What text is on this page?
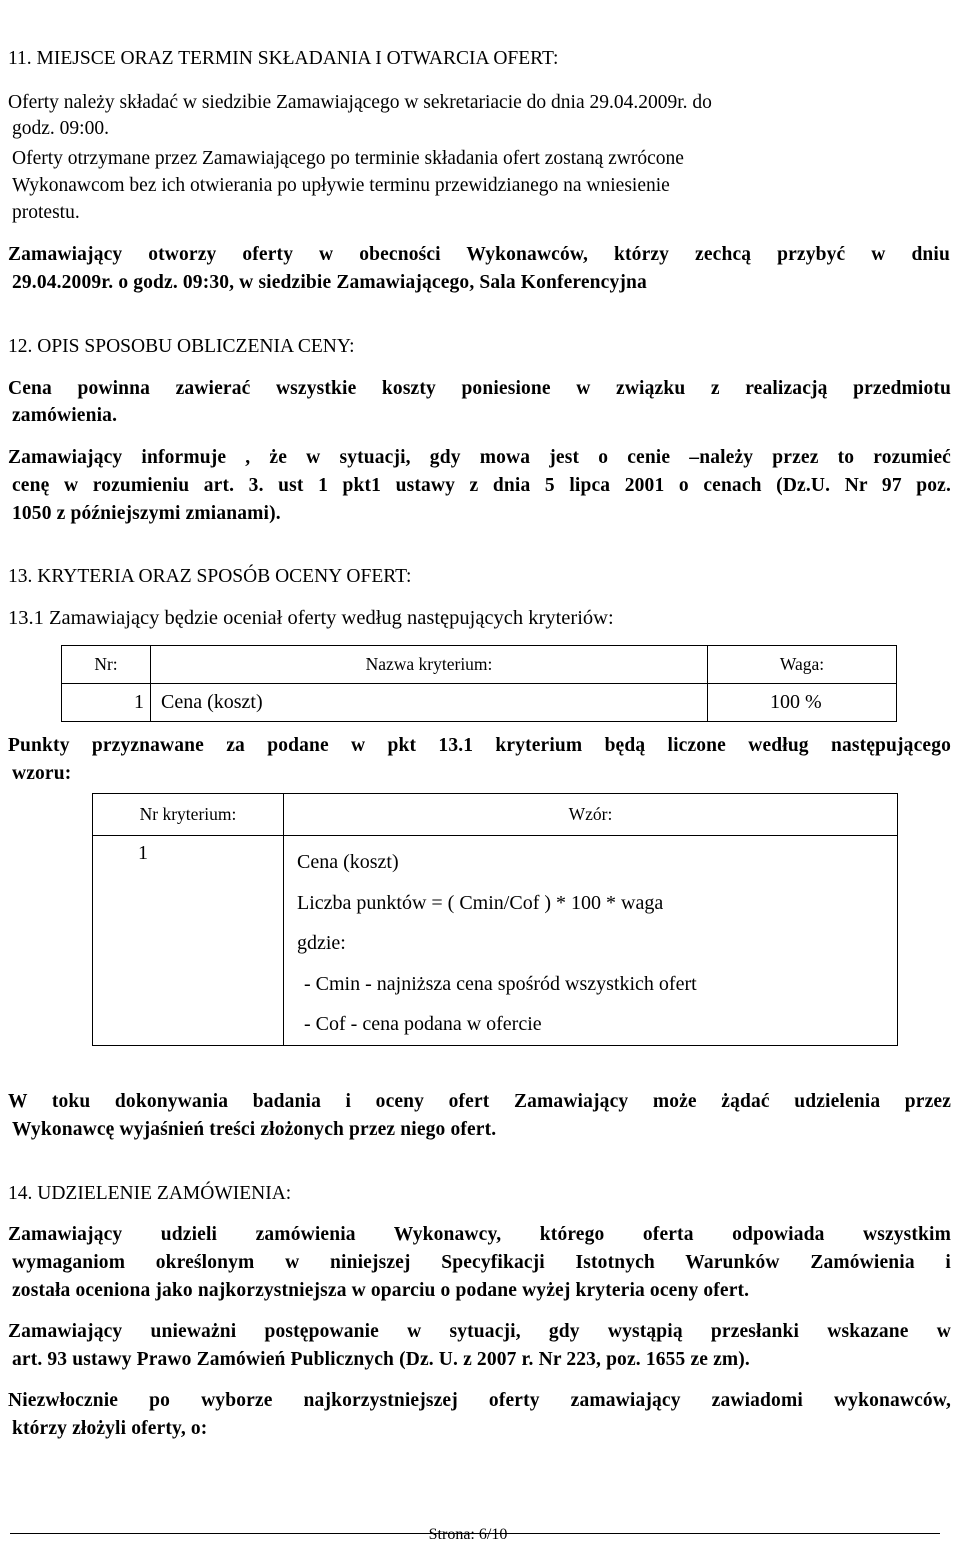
11. MIEJSCE ORAZ TERMIN SKŁADANIA I OTWARCIA OFERT:
Oferty należy składać w siedzibie Zamawiającego w sekretariacie do dnia 29.04.2009r. do
godz. 09:00.
Oferty otrzymane przez Zamawiającego po terminie składania ofert zostaną zwrócone
Wykonawcom bez ich otwierania po upływie terminu przewidzianego na wniesienie
protestu.
Zamawiający otworzy oferty w obecności Wykonawców, którzy zechcą przybyć w dniu
29.04.2009r. o godz. 09:30, w siedzibie Zamawiającego, Sala Konferencyjna
12. OPIS SPOSOBU OBLICZENIA CENY:
Cena powinna zawierać wszystkie koszty poniesione w związku z realizacją przedmiotu
zamówienia.
Zamawiający informuje , że w sytuacji, gdy mowa jest o cenie –należy przez to rozumieć
cenę w rozumieniu art. 3. ust 1 pkt1 ustawy z dnia 5 lipca 2001 o cenach (Dz.U. Nr 97 poz.
1050 z późniejszymi zmianami).
13. KRYTERIA ORAZ SPOSÓB OCENY OFERT:
13.1 Zamawiający będzie oceniał oferty według następujących kryteriów:
Nr:	Nazwa kryterium:	Waga:
1	Cena (koszt)	100 %
Punkty przyznawane za podane w pkt 13.1 kryterium będą liczone według następującego
wzoru:
Nr kryterium:	Wzór:
1	Cena (koszt)
Liczba punktów = ( Cmin/Cof ) * 100 * waga
gdzie:
- Cmin - najniższa cena spośród wszystkich ofert
- Cof - cena podana w ofercie
W toku dokonywania badania i oceny ofert Zamawiający może żądać udzielenia przez
Wykonawcę wyjaśnień treści złożonych przez niego ofert.
14. UDZIELENIE ZAMÓWIENIA:
Zamawiający udzieli zamówienia Wykonawcy, którego oferta odpowiada wszystkim
wymaganiom określonym w niniejszej Specyfikacji Istotnych Warunków Zamówienia i
została oceniona jako najkorzystniejsza w oparciu o podane wyżej kryteria oceny ofert.
Zamawiający unieważni postępowanie w sytuacji, gdy wystąpią przesłanki wskazane w
art. 93 ustawy Prawo Zamówień Publicznych (Dz. U. z 2007 r. Nr 223, poz. 1655 ze zm).
Niezwłocznie po wyborze najkorzystniejszej oferty zamawiający zawiadomi wykonawców,
którzy złożyli oferty, o:
Strona: 6/10
